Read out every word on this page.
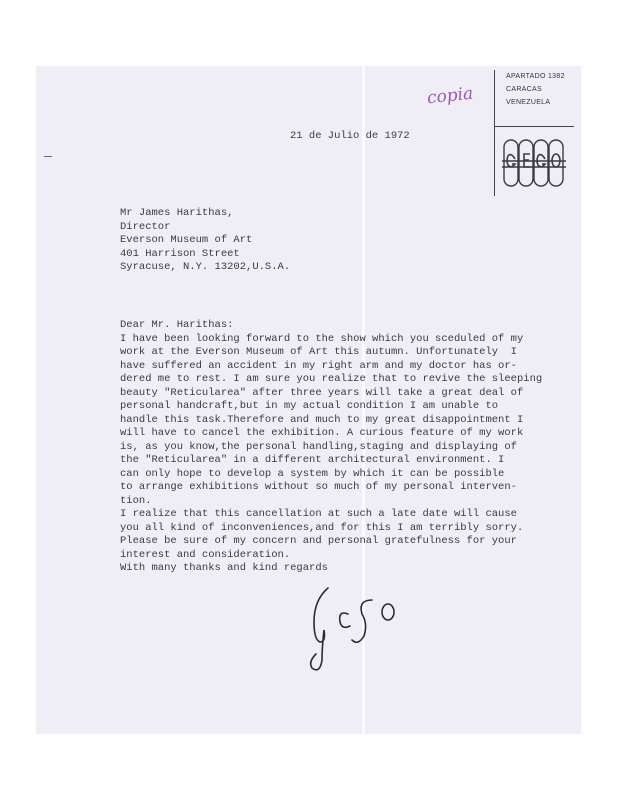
copia
APARTADO 1382
CARACAS
VENEZUELA
21 de Julio de 1972
Mr James Harithas,
Director
Everson Museum of Art
401 Harrison Street
Syracuse, N.Y. 13202,U.S.A.
Dear Mr. Harithas:
I have been looking forward to the show which you sceduled of my
work at the Everson Museum of Art this autumn. Unfortunately  I
have suffered an accident in my right arm and my doctor has or-
dered me to rest. I am sure you realize that to revive the sleeping
beauty "Reticularea" after three years will take a great deal of
personal handcraft,but in my actual condition I am unable to
handle this task.Therefore and much to my great disappointment I
will have to cancel the exhibition. A curious feature of my work
is, as you know,the personal handling,staging and displaying of
the "Reticularea" in a different architectural environment. I
can only hope to develop a system by which it can be possible
to arrange exhibitions without so much of my personal interven-
tion.
I realize that this cancellation at such a late date will cause
you all kind of inconveniences,and for this I am terribly sorry.
Please be sure of my concern and personal gratefulness for your
interest and consideration.
With many thanks and kind regards
